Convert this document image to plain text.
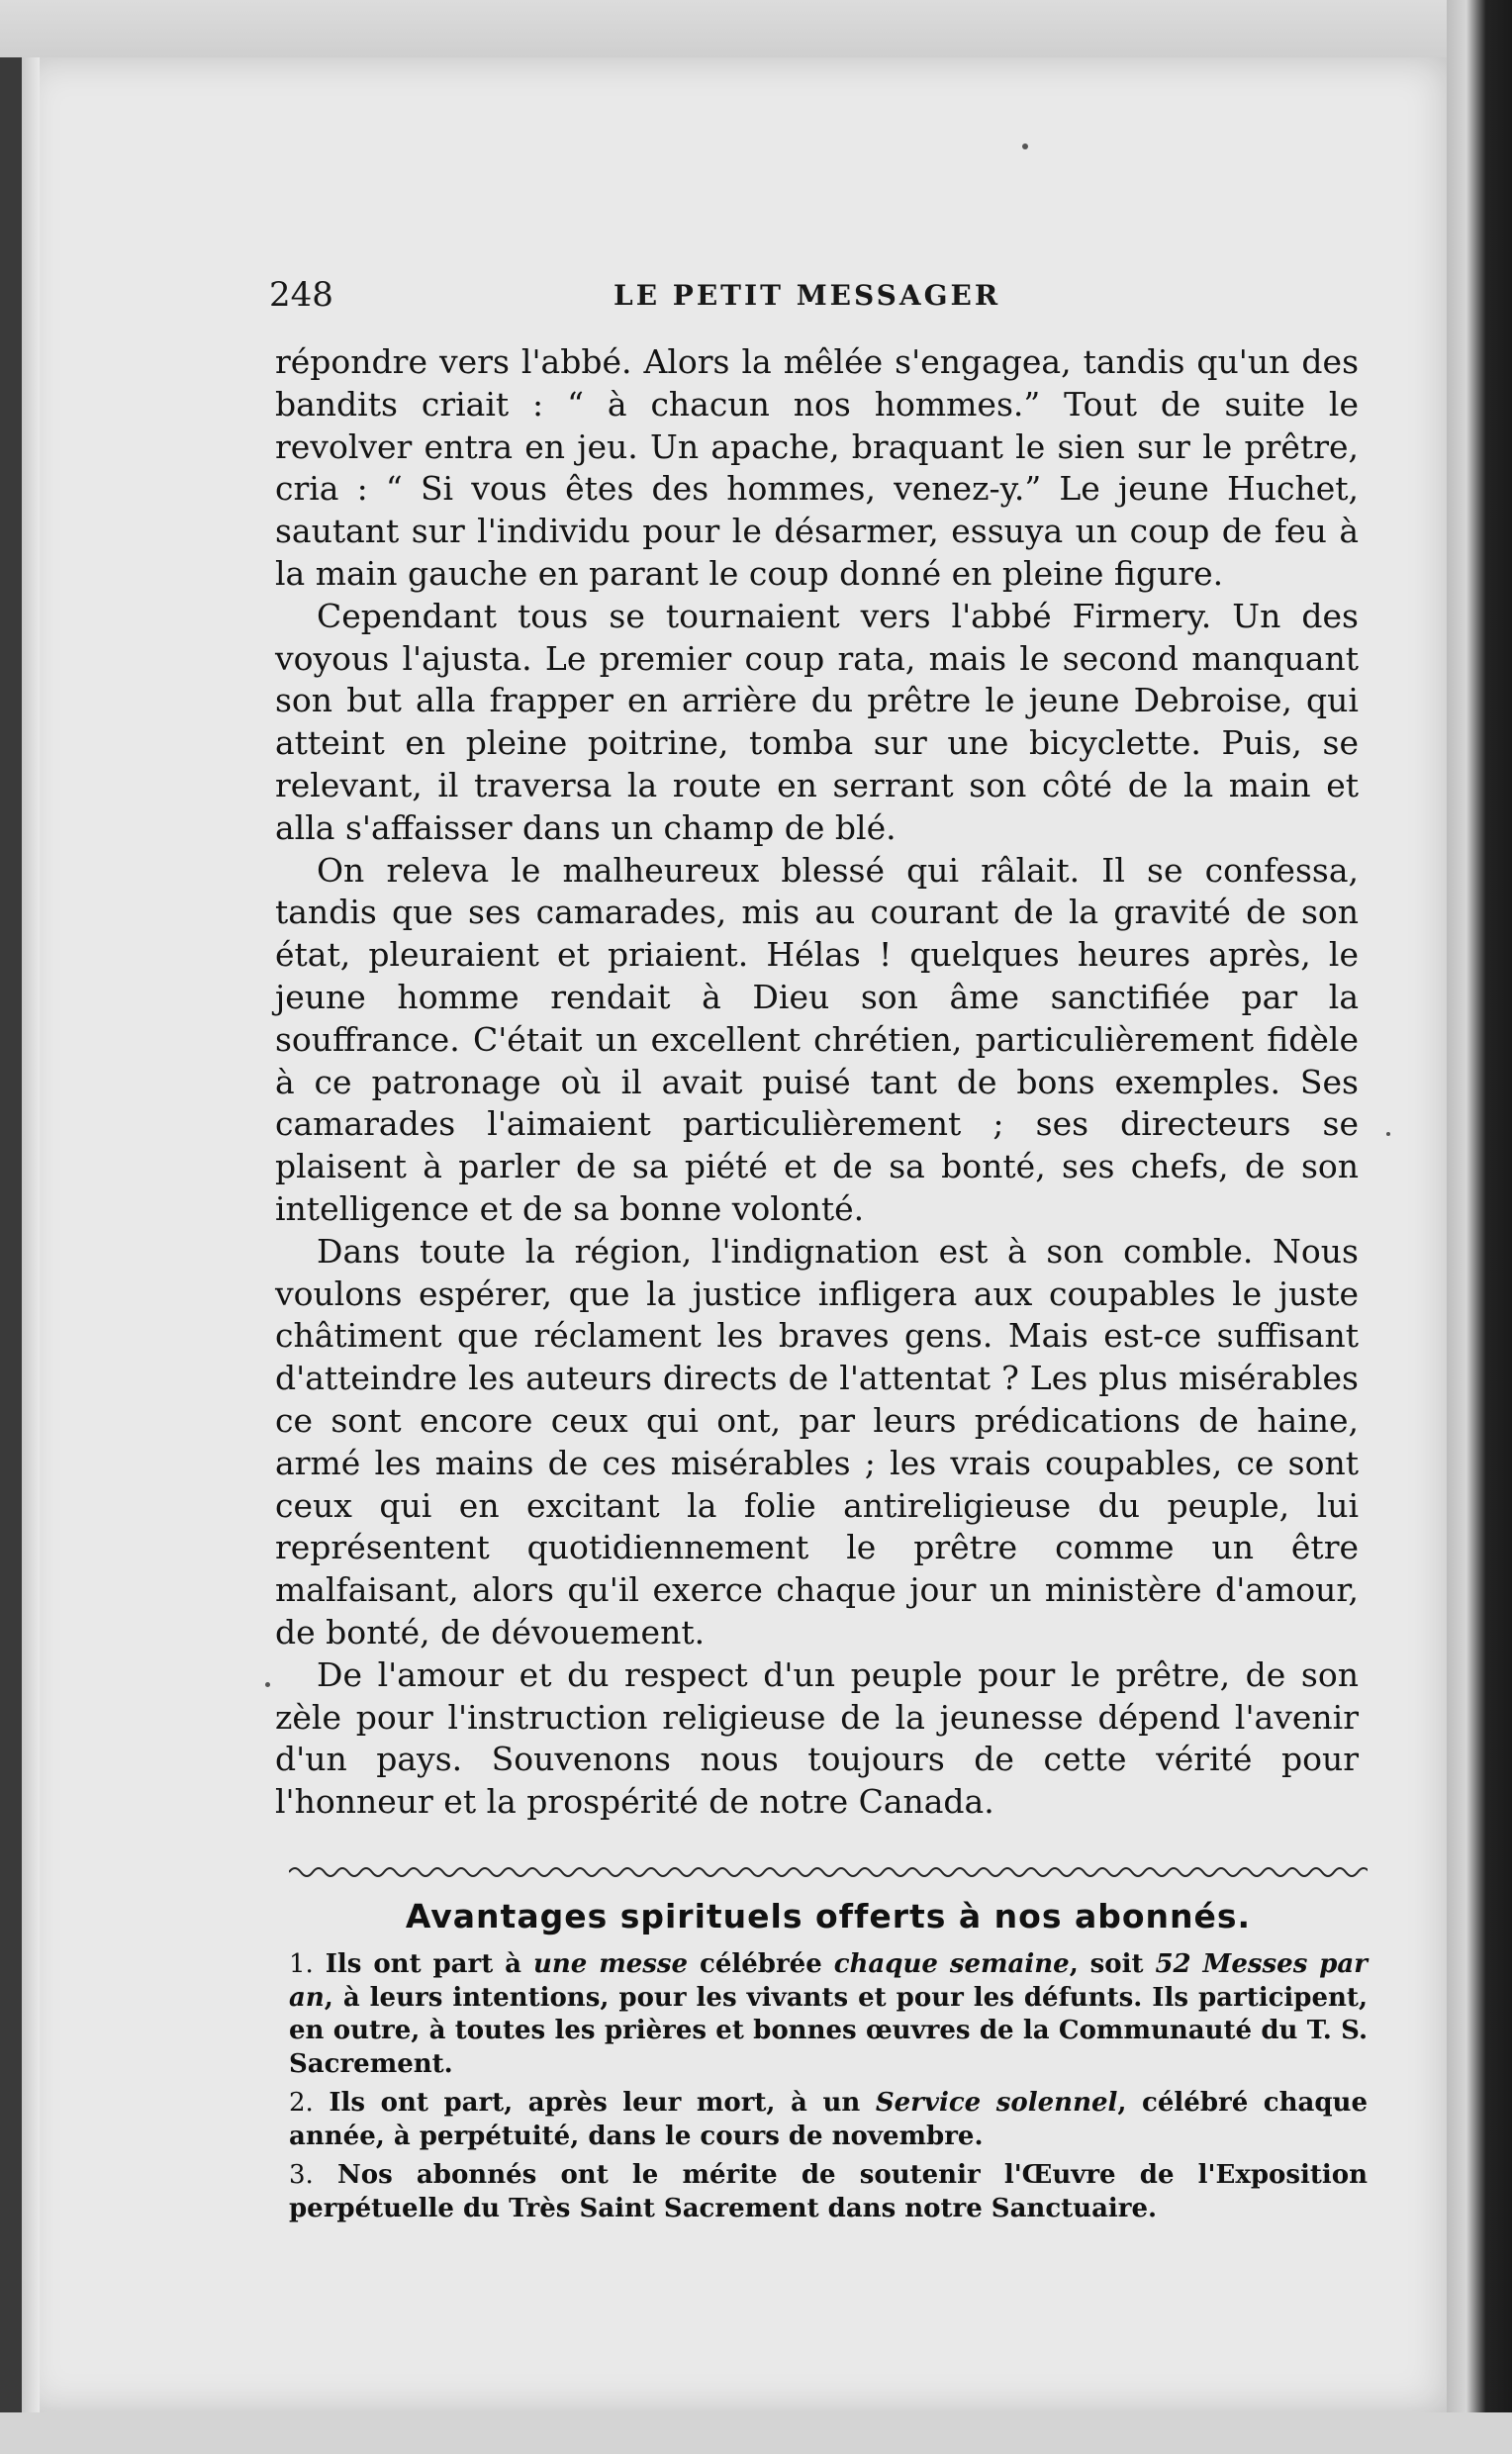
248	LE PETIT MESSAGER

répondre vers l'abbé. Alors la mêlée s'engagea, tandis qu'un des bandits criait : “ à chacun nos hommes.” Tout de suite le revolver entra en jeu. Un apache, braquant le sien sur le prêtre, cria : “ Si vous êtes des hommes, venez-y.” Le jeune Huchet, sautant sur l'individu pour le désarmer, essuya un coup de feu à la main gauche en parant le coup donné en pleine figure.

Cependant tous se tournaient vers l'abbé Firmery. Un des voyous l'ajusta. Le premier coup rata, mais le second manquant son but alla frapper en arrière du prêtre le jeune Debroise, qui atteint en pleine poitrine, tomba sur une bicyclette. Puis, se relevant, il traversa la route en serrant son côté de la main et alla s'affaisser dans un champ de blé.

On releva le malheureux blessé qui râlait. Il se confessa, tandis que ses camarades, mis au courant de la gravité de son état, pleuraient et priaient. Hélas ! quelques heures après, le jeune homme rendait à Dieu son âme sanctifiée par la souffrance. C'était un excellent chrétien, particulièrement fidèle à ce patronage où il avait puisé tant de bons exemples. Ses camarades l'aimaient particulièrement ; ses directeurs se plaisent à parler de sa piété et de sa bonté, ses chefs, de son intelligence et de sa bonne volonté.

Dans toute la région, l'indignation est à son comble. Nous voulons espérer, que la justice infligera aux coupables le juste châtiment que réclament les braves gens. Mais est-ce suffisant d'atteindre les auteurs directs de l'attentat ? Les plus misérables ce sont encore ceux qui ont, par leurs prédications de haine, armé les mains de ces misérables ; les vrais coupables, ce sont ceux qui en excitant la folie antireligieuse du peuple, lui représentent quotidiennement le prêtre comme un être malfaisant, alors qu'il exerce chaque jour un ministère d'amour, de bonté, de dévouement.

De l'amour et du respect d'un peuple pour le prêtre, de son zèle pour l'instruction religieuse de la jeunesse dépend l'avenir d'un pays. Souvenons nous toujours de cette vérité pour l'honneur et la prospérité de notre Canada.

Avantages spirituels offerts à nos abonnés.

1. Ils ont part à une messe célébrée chaque semaine, soit 52 Messes par an, à leurs intentions, pour les vivants et pour les défunts. Ils participent, en outre, à toutes les prières et bonnes œuvres de la Communauté du T. S. Sacrement.

2. Ils ont part, après leur mort, à un Service solennel, célébré chaque année, à perpétuité, dans le cours de novembre.

3. Nos abonnés ont le mérite de soutenir l'Œuvre de l'Exposition perpétuelle du Très Saint Sacrement dans notre Sanctuaire.
